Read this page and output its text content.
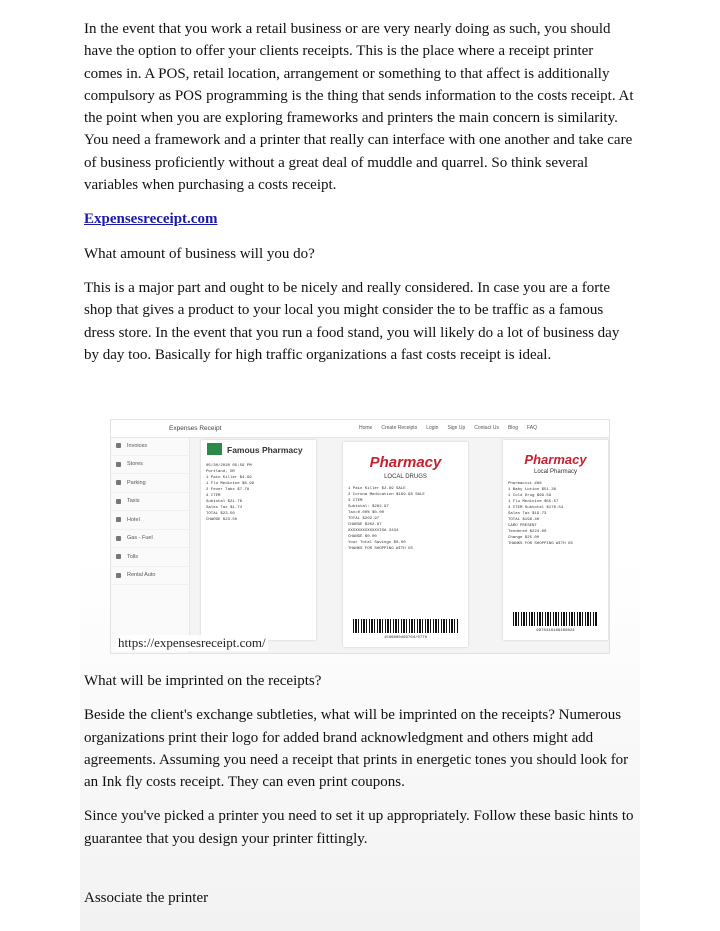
In the event that you work a retail business or are very nearly doing as such, you should have the option to offer your clients receipts. This is the place where a receipt printer comes in. A POS, retail location, arrangement or something to that affect is additionally compulsory as POS programming is the thing that sends information to the costs receipt. At the point when you are exploring frameworks and printers the main concern is similarity. You need a framework and a printer that really can interface with one another and take care of business proficiently without a great deal of muddle and quarrel. So think several variables when purchasing a costs receipt.

Expensesreceipt.com

What amount of business will you do?

This is a major part and ought to be nicely and really considered. In case you are a forte shop that gives a product to your local you might consider the to be traffic as a famous dress store. In the event that you run a food stand, you will likely do a lot of business day by day too. Basically for high traffic organizations a fast costs receipt is ideal.

Invoices
Stores
Parking
Taxis
Hotel
Gas - Fuel
Tolls
Rental Auto
Expenses Receipt	Home Create Receipts Login Sign Up Contact Us Blog FAQ
Famous Pharmacy
05/30/2020 05:59 PM
Portland, OR
1 Pain Killer $4.99
1 Flu Medicine $8.99
2 Fever Tabs $7.78
4 ITEM
Subtotal $21.76
Sales Tax $1.74
TOTAL $23.50
CHARGE $23.50
Pharmacy
LOCAL DRUGS
1 Pain Killer $2.99 SALE
2 Corona Medication $199.98 SALE
3 ITEM
Subtotal: $202.97
Tax=0.00% $0.00
TOTAL $202.97
CHARGE $202.97
XXXXXXXXXXXXVISA 3434
CHANGE $0.00
Your Total Savings $0.00
THANKS FOR SHOPPING WITH US
1566800469764/0770
Pharmacy
Local Pharmacy
Pharmacist #88
1 Baby Lotion $51.38
1 Cold Drug $69.59
1 Flu Medicine $55.57
4 ITEM Subtotal $176.54
Sales Tax $19.73
TOTAL $196.46
CARD PRESENT
Tendered $224.00
Change $25.00
THANKS FOR SHOPPING WITH US
9870440169480824
https://expensesreceipt.com/

What will be imprinted on the receipts?

Beside the client's exchange subtleties, what will be imprinted on the receipts? Numerous organizations print their logo for added brand acknowledgment and others might add agreements. Assuming you need a receipt that prints in energetic tones you should look for an Ink fly costs receipt. They can even print coupons.

Since you've picked a printer you need to set it up appropriately. Follow these basic hints to guarantee that you design your printer fittingly.

Associate the printer
